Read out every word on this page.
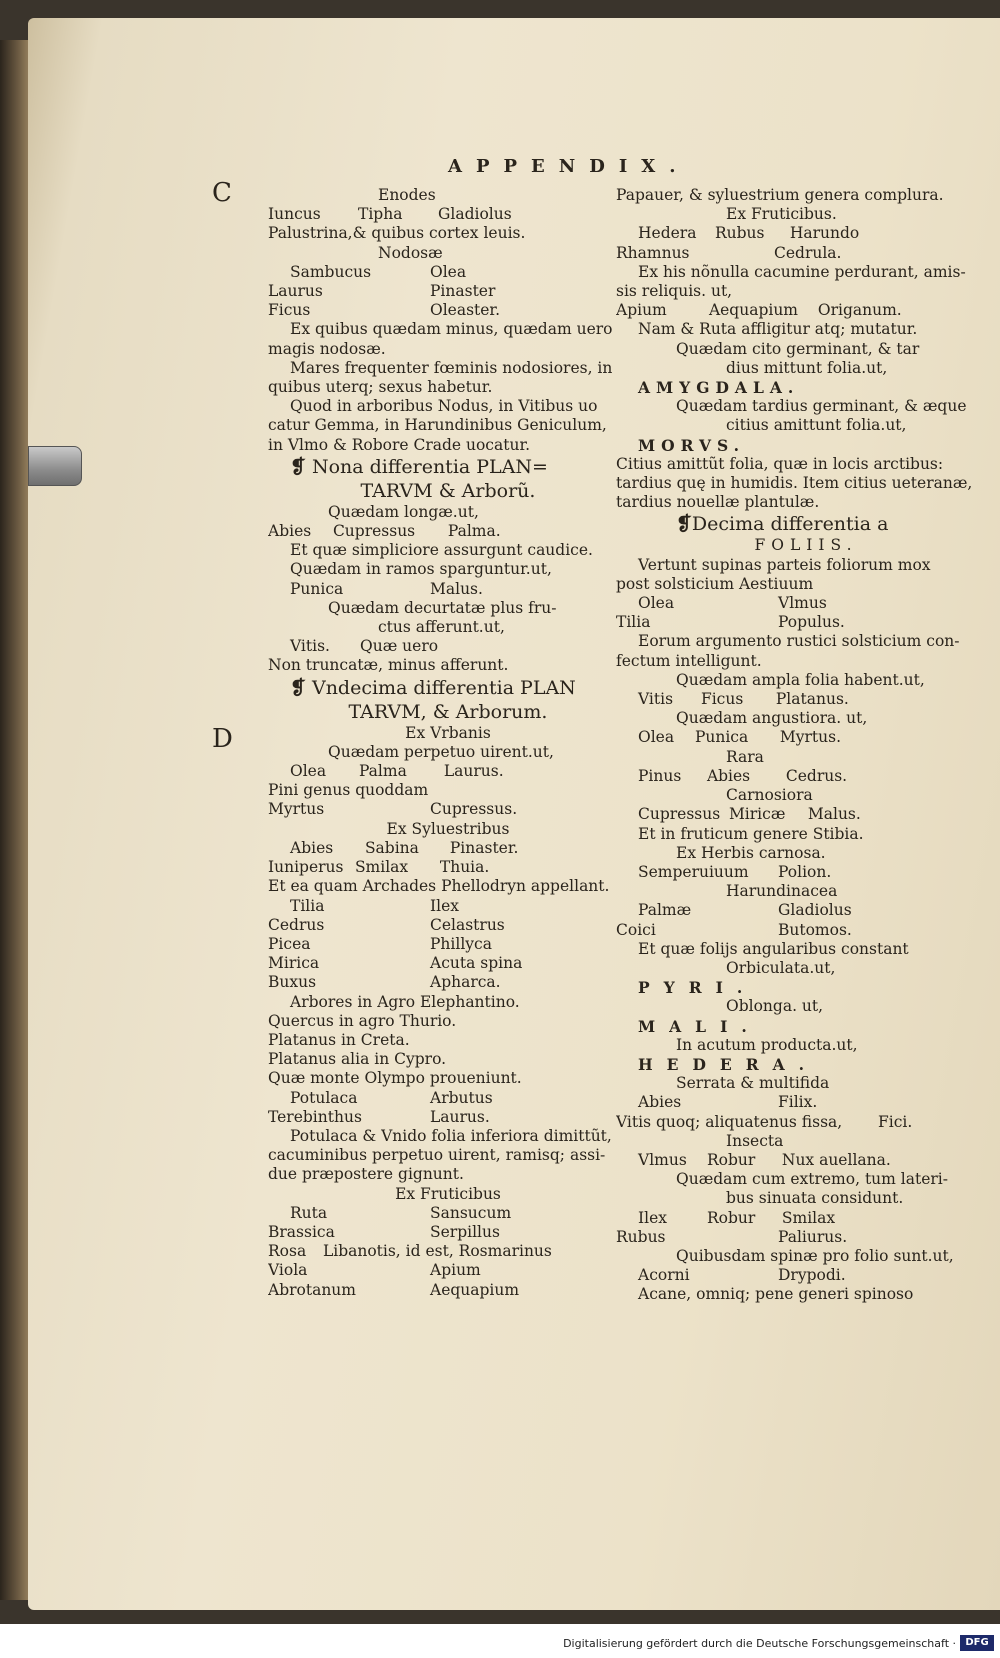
APPENDIX.
C
D
Enodes
Iuncus Tipha Gladiolus
Palustrina,& quibus cortex leuis.
Nodosæ
Sambucus	Olea
Laurus	Pinaster
Ficus	Oleaster.
Ex quibus quædam minus, quædam uero
magis nodosæ.
Mares frequenter fœminis nodosiores, in
quibus uterq; sexus habetur.
Quod in arboribus Nodus, in Vitibus uo
catur Gemma, in Harundinibus Geniculum,
in Vlmo & Robore Crade uocatur.
❡ Nona differentia PLAN=
TARVM & Arborũ.
Quædam longæ.ut,
Abies Cupressus Palma.
Et quæ simpliciore assurgunt caudice.
Quædam in ramos sparguntur.ut,
Punica	Malus.
Quædam decurtatæ plus fru-
ctus afferunt.ut,
Vitis. Quæ uero
Non truncatæ, minus afferunt.
❡ Vndecima differentia PLAN
TARVM, & Arborum.
Ex Vrbanis
Quædam perpetuo uirent.ut,
Olea Palma Laurus.
Pini genus quoddam
Myrtus	Cupressus.
Ex Syluestribus
Abies Sabina Pinaster.
Iuniperus Smilax Thuia.
Et ea quam Archades Phellodryn appellant.
Tilia	Ilex
Cedrus	Celastrus
Picea	Phillyca
Mirica	Acuta spina
Buxus	Apharca.
Arbores in Agro Elephantino.
Quercus in agro Thurio.
Platanus in Creta.
Platanus alia in Cypro.
Quæ monte Olympo proueniunt.
Potulaca	Arbutus
Terebinthus	Laurus.
Potulaca & Vnido folia inferiora dimittũt,
cacuminibus perpetuo uirent, ramisq; assi-
due præpostere gignunt.
Ex Fruticibus
Ruta	Sansucum
Brassica	Serpillus
Rosa Libanotis, id est, Rosmarinus
Viola	Apium
Abrotanum	Aequapium
Papauer, & syluestrium genera complura.
Ex Fruticibus.
Hedera Rubus Harundo
Rhamnus	Cedrula.
Ex his nõnulla cacumine perdurant, amis-
sis reliquis. ut,
Apium	Aequapium Origanum.
Nam & Ruta affligitur atq; mutatur.
Quædam cito germinant, & tar
dius mittunt folia.ut,
AMYGDALA.
Quædam tardius germinant, & æque
citius amittunt folia.ut,
MORVS.
Citius amittũt folia, quæ in locis arctibus:
tardius quę in humidis. Item citius ueteranæ,
tardius nouellæ plantulæ.
❡Decima differentia a
FOLIIS.
Vertunt supinas parteis foliorum mox
post solsticium Aestiuum
Olea	Vlmus
Tilia	Populus.
Eorum argumento rustici solsticium con-
fectum intelligunt.
Quædam ampla folia habent.ut,
Vitis Ficus Platanus.
Quædam angustiora. ut,
Olea Punica Myrtus.
Rara
Pinus Abies Cedrus.
Carnosiora
Cupressus Miricæ Malus.
Et in fruticum genere Stibia.
Ex Herbis carnosa.
Semperuiuum Polion.
Harundinacea
Palmæ	Gladiolus
Coici	Butomos.
Et quæ folijs angularibus constant
Orbiculata.ut,
PYRI.
Oblonga. ut,
MALI.
In acutum producta.ut,
HEDERA.
Serrata & multifida
Abies	Filix.
Vitis quoq; aliquatenus fissa, Fici.
Insecta
Vlmus Robur Nux auellana.
Quædam cum extremo, tum lateri-
bus sinuata considunt.
Ilex	Robur Smilax
Rubus	Paliurus.
Quibusdam spinæ pro folio sunt.ut,
Acorni	Drypodi.
Acane, omniq; pene generi spinoso
Digitalisierung gefördert durch die Deutsche Forschungsgemeinschaft · DFG
